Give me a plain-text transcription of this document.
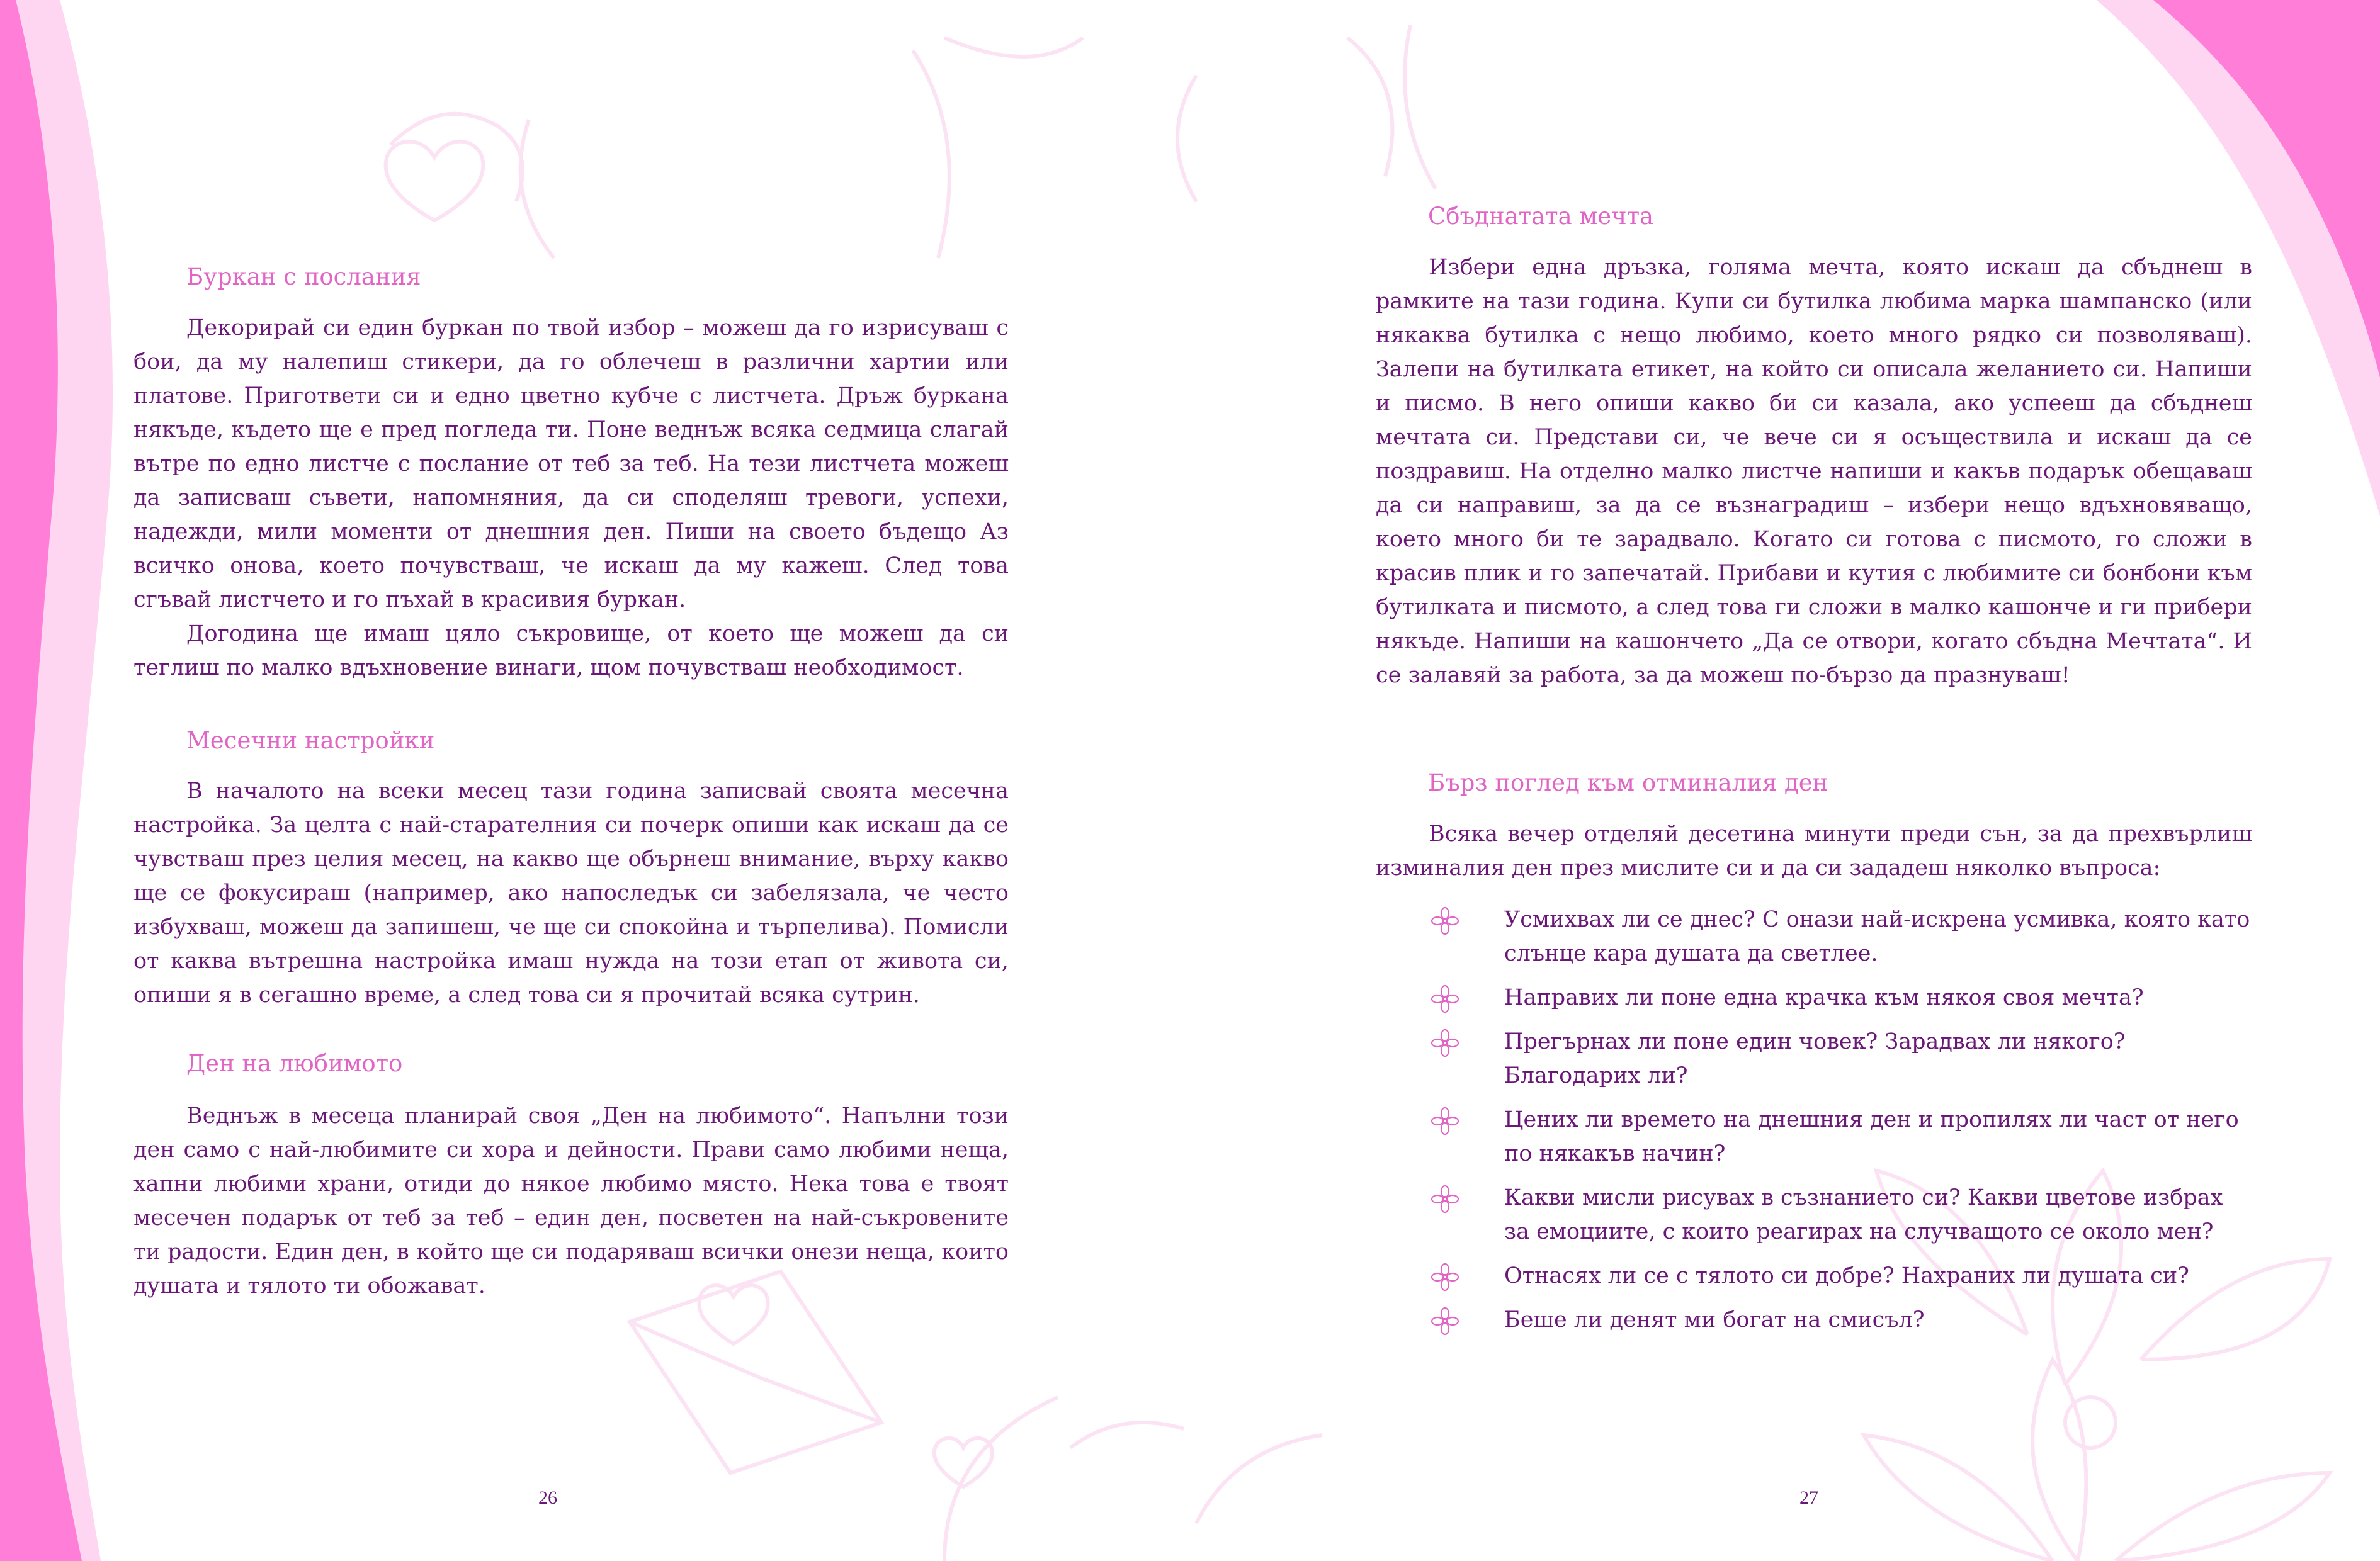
Буркан с послания

Декорирай си един буркан по твой избор – можеш да го изрисуваш с бои, да му налепиш стикери, да го облечеш в различни хартии или платове. Пригответи си и едно цветно кубче с листчета. Дръж буркана някъде, където ще е пред погледа ти. Поне веднъж всяка седмица слагай вътре по едно листче с послание от теб за теб. На тези листчета можеш да записваш съвети, напомняния, да си споделяш тревоги, успехи, надежди, мили моменти от днешния ден. Пиши на своето бъдещо Аз всичко онова, което почувстваш, че искаш да му кажеш. След това сгъвай листчето и го пъхай в красивия буркан.

Догодина ще имаш цяло съкровище, от което ще можеш да си теглиш по малко вдъхновение винаги, щом почувстваш необходимост.

Месечни настройки

В началото на всеки месец тази година записвай своята месечна настройка. За целта с най-старателния си почерк опиши как искаш да се чувстваш през целия месец, на какво ще обърнеш внимание, върху какво ще се фокусираш (например, ако напоследък си забелязала, че често избухваш, можеш да запишеш, че ще си спокойна и търпелива). Помисли от каква вътрешна настройка имаш нужда на този етап от живота си, опиши я в сегашно време, а след това си я прочитай всяка сутрин.

Ден на любимото

Веднъж в месеца планирай своя „Ден на любимото“. Напълни този ден само с най-любимите си хора и дейности. Прави само любими неща, хапни любими храни, отиди до някое любимо място. Нека това е твоят месечен подарък от теб за теб – един ден, посветен на най-съкровените ти радости. Един ден, в който ще си подаряваш всички онези неща, които душата и тялото ти обожават.

26
Сбъднатата мечта

Избери една дръзка, голяма мечта, която искаш да сбъднеш в рамките на тази година. Купи си бутилка любима марка шампанско (или някаква бутилка с нещо любимо, което много рядко си позволяваш). Залепи на бутилката етикет, на който си описала желанието си. Напиши и писмо. В него опиши какво би си казала, ако успееш да сбъднеш мечтата си. Представи си, че вече си я осъществила и искаш да се поздравиш. На отделно малко листче напиши и какъв подарък обещаваш да си направиш, за да се възнаградиш – избери нещо вдъхновяващо, което много би те зарадвало. Когато си готова с писмото, го сложи в красив плик и го запечатай. Прибави и кутия с любимите си бонбони към бутилката и писмото, а след това ги сложи в малко кашонче и ги прибери някъде. Напиши на кашончето „Да се отвори, когато сбъдна Мечтата“. И се залавяй за работа, за да можеш по-бързо да празнуваш!

Бърз поглед към отминалия ден

Всяка вечер отделяй десетина минути преди сън, за да прехвърлиш изминалия ден през мислите си и да си зададеш няколко въпроса:

Усмихвах ли се днес? С онази най-искрена усмивка, която като слънце кара душата да светлее.
Направих ли поне една крачка към някоя своя мечта?
Прегърнах ли поне един човек? Зарадвах ли някого? Благодарих ли?
Цених ли времето на днешния ден и пропилях ли част от него по някакъв начин?
Какви мисли рисувах в съзнанието си? Какви цветове избрах за емоциите, с които реагирах на случващото се около мен?
Отнасях ли се с тялото си добре? Нахраних ли душата си?
Беше ли денят ми богат на смисъл?
27
